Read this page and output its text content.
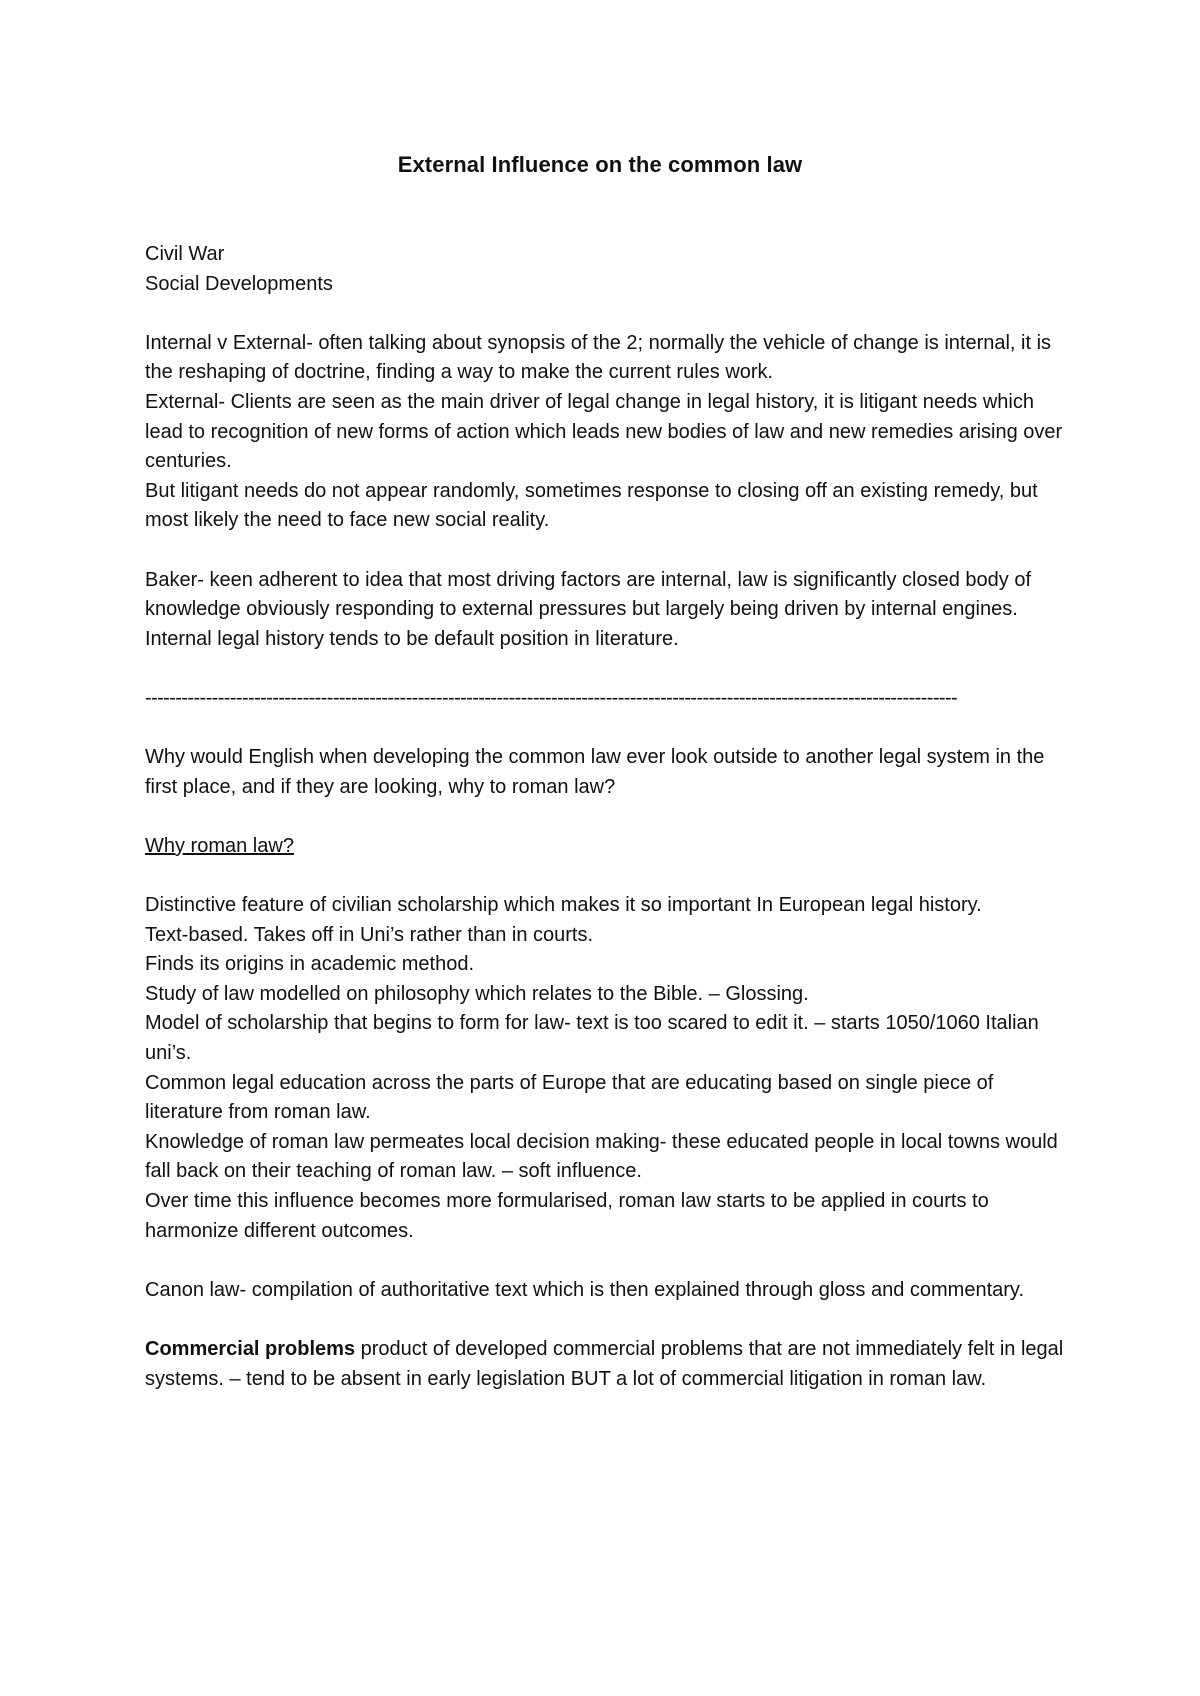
External Influence on the common law

Civil War

Social Developments

Internal v External- often talking about synopsis of the 2; normally the vehicle of change is internal, it is the reshaping of doctrine, finding a way to make the current rules work.

External- Clients are seen as the main driver of legal change in legal history, it is litigant needs which lead to recognition of new forms of action which leads new bodies of law and new remedies arising over centuries.

But litigant needs do not appear randomly, sometimes response to closing off an existing remedy, but most likely the need to face new social reality.

Baker- keen adherent to idea that most driving factors are internal, law is significantly closed body of knowledge obviously responding to external pressures but largely being driven by internal engines.

Internal legal history tends to be default position in literature.

--------------------------------------------------------------------------------------------------------------------------------------

Why would English when developing the common law ever look outside to another legal system in the first place, and if they are looking, why to roman law?

Why roman law?

Distinctive feature of civilian scholarship which makes it so important In European legal history.

Text-based. Takes off in Uni’s rather than in courts.

Finds its origins in academic method.

Study of law modelled on philosophy which relates to the Bible. – Glossing.

Model of scholarship that begins to form for law- text is too scared to edit it. – starts 1050/1060 Italian uni’s.

Common legal education across the parts of Europe that are educating based on single piece of literature from roman law.

Knowledge of roman law permeates local decision making- these educated people in local towns would fall back on their teaching of roman law. – soft influence.

Over time this influence becomes more formularised, roman law starts to be applied in courts to harmonize different outcomes.

Canon law- compilation of authoritative text which is then explained through gloss and commentary.

Commercial problems product of developed commercial problems that are not immediately felt in legal systems. – tend to be absent in early legislation BUT a lot of commercial litigation in roman law.
